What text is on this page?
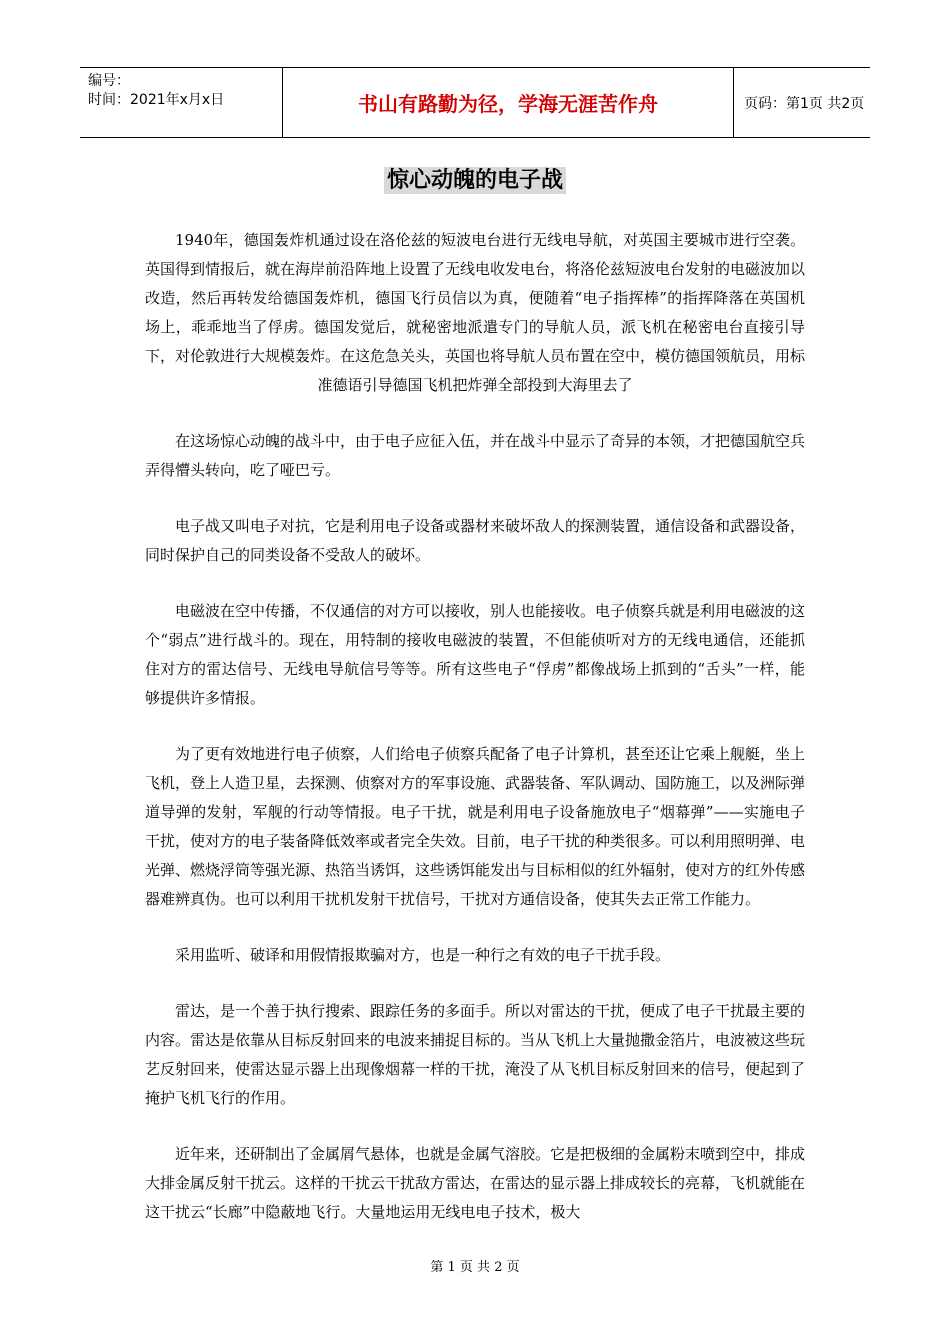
编号：
时间：2021年x月x日	书山有路勤为径，学海无涯苦作舟	页码：第1页 共2页
惊心动魄的电子战

1940年，德国轰炸机通过设在洛伦兹的短波电台进行无线电导航，对英国主要城市进行空袭。英国得到情报后，就在海岸前沿阵地上设置了无线电收发电台，将洛伦兹短波电台发射的电磁波加以改造，然后再转发给德国轰炸机，德国飞行员信以为真，便随着“电子指挥棒”的指挥降落在英国机场上，乖乖地当了俘虏。德国发觉后，就秘密地派遣专门的导航人员，派飞机在秘密电台直接引导下，对伦敦进行大规模轰炸。在这危急关头，英国也将导航人员布置在空中，模仿德国领航员，用标准德语引导德国飞机把炸弹全部投到大海里去了

在这场惊心动魄的战斗中，由于电子应征入伍，并在战斗中显示了奇异的本领，才把德国航空兵弄得懵头转向，吃了哑巴亏。

电子战又叫电子对抗，它是利用电子设备或器材来破坏敌人的探测装置，通信设备和武器设备，同时保护自己的同类设备不受敌人的破坏。

电磁波在空中传播，不仅通信的对方可以接收，别人也能接收。电子侦察兵就是利用电磁波的这个“弱点”进行战斗的。现在，用特制的接收电磁波的装置，不但能侦听对方的无线电通信，还能抓住对方的雷达信号、无线电导航信号等等。所有这些电子“俘虏”都像战场上抓到的“舌头”一样，能够提供许多情报。

为了更有效地进行电子侦察，人们给电子侦察兵配备了电子计算机，甚至还让它乘上舰艇，坐上飞机，登上人造卫星，去探测、侦察对方的军事设施、武器装备、军队调动、国防施工，以及洲际弹道导弹的发射，军舰的行动等情报。电子干扰，就是利用电子设备施放电子“烟幕弹”——实施电子干扰，使对方的电子装备降低效率或者完全失效。目前，电子干扰的种类很多。可以利用照明弹、电光弹、燃烧浮筒等强光源、热箔当诱饵，这些诱饵能发出与目标相似的红外辐射，使对方的红外传感器难辨真伪。也可以利用干扰机发射干扰信号，干扰对方通信设备，使其失去正常工作能力。

采用监听、破译和用假情报欺骗对方，也是一种行之有效的电子干扰手段。

雷达，是一个善于执行搜索、跟踪任务的多面手。所以对雷达的干扰，便成了电子干扰最主要的内容。雷达是依靠从目标反射回来的电波来捕捉目标的。当从飞机上大量抛撒金箔片，电波被这些玩艺反射回来，使雷达显示器上出现像烟幕一样的干扰，淹没了从飞机目标反射回来的信号，便起到了掩护飞机飞行的作用。

近年来，还研制出了金属屑气悬体，也就是金属气溶胶。它是把极细的金属粉末喷到空中，排成大排金属反射干扰云。这样的干扰云干扰敌方雷达，在雷达的显示器上排成较长的亮幕，飞机就能在这干扰云“长廊”中隐蔽地飞行。大量地运用无线电电子技术，极大

第 1 页 共 2 页
